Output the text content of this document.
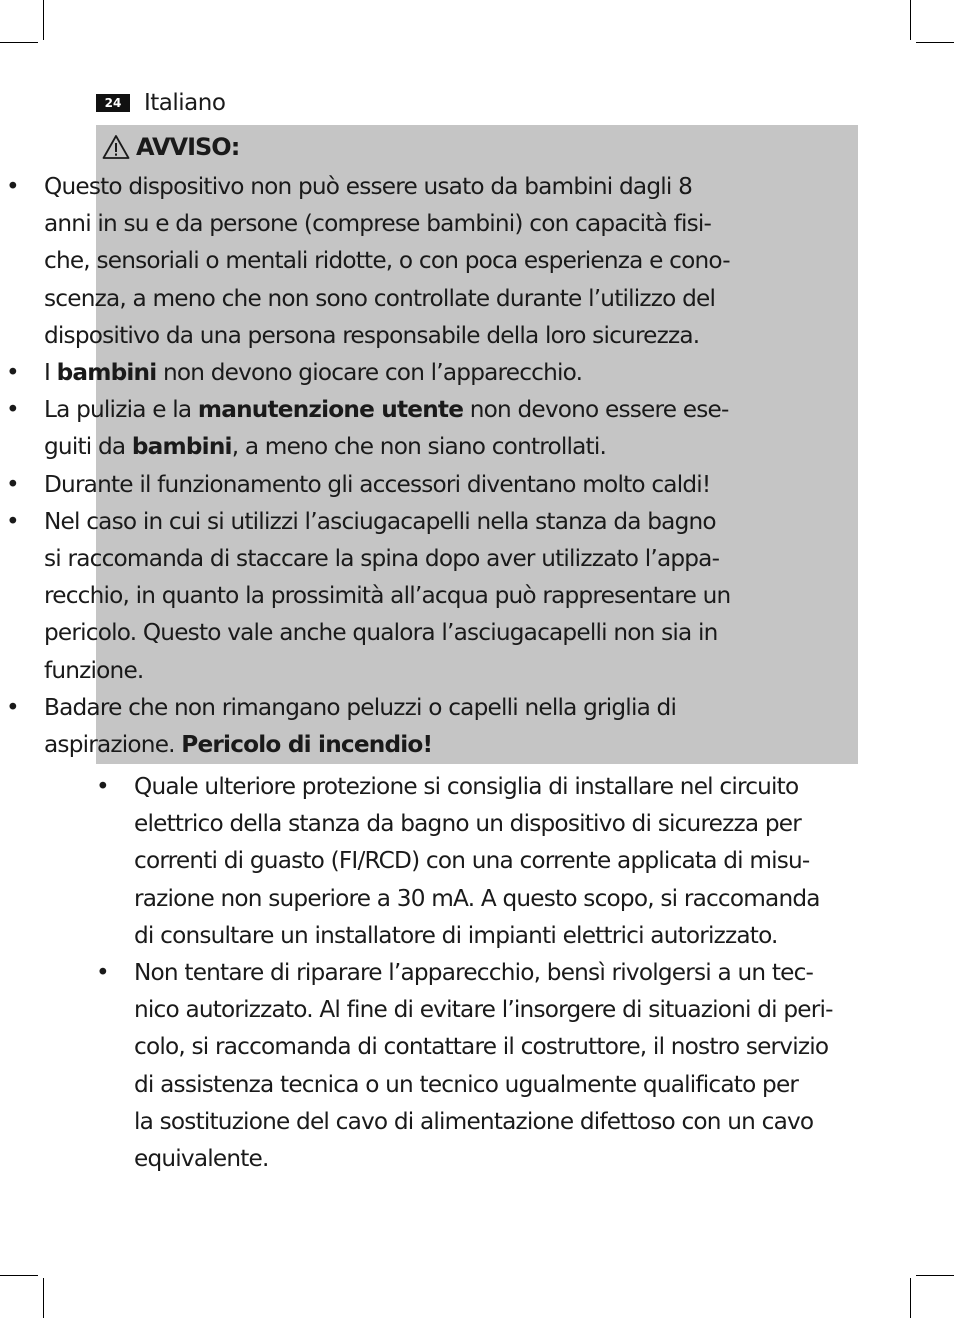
24 Italiano
AVVISO:
• Questo dispositivo non può essere usato da bambini dagli 8
anni in su e da persone (comprese bambini) con capacità fisi-
che, sensoriali o mentali ridotte, o con poca esperienza e cono-
scenza, a meno che non sono controllate durante l’utilizzo del
dispositivo da una persona responsabile della loro sicurezza.
• I bambini non devono giocare con l’apparecchio.
• La pulizia e la manutenzione utente non devono essere ese-
guiti da bambini, a meno che non siano controllati.
• Durante il funzionamento gli accessori diventano molto caldi!
• Nel caso in cui si utilizzi l’asciugacapelli nella stanza da bagno
si raccomanda di staccare la spina dopo aver utilizzato l’appa-
recchio, in quanto la prossimità all’acqua può rappresentare un
pericolo. Questo vale anche qualora l’asciugacapelli non sia in
funzione.
• Badare che non rimangano peluzzi o capelli nella griglia di
aspirazione. Pericolo di incendio!
• Quale ulteriore protezione si consiglia di installare nel circuito
elettrico della stanza da bagno un dispositivo di sicurezza per
correnti di guasto (FI/RCD) con una corrente applicata di misu-
razione non superiore a 30 mA. A questo scopo, si raccomanda
di consultare un installatore di impianti elettrici autorizzato.
• Non tentare di riparare l’apparecchio, bensì rivolgersi a un tec-
nico autorizzato. Al fine di evitare l’insorgere di situazioni di peri-
colo, si raccomanda di contattare il costruttore, il nostro servizio
di assistenza tecnica o un tecnico ugualmente qualificato per
la sostituzione del cavo di alimentazione difettoso con un cavo
equivalente.
